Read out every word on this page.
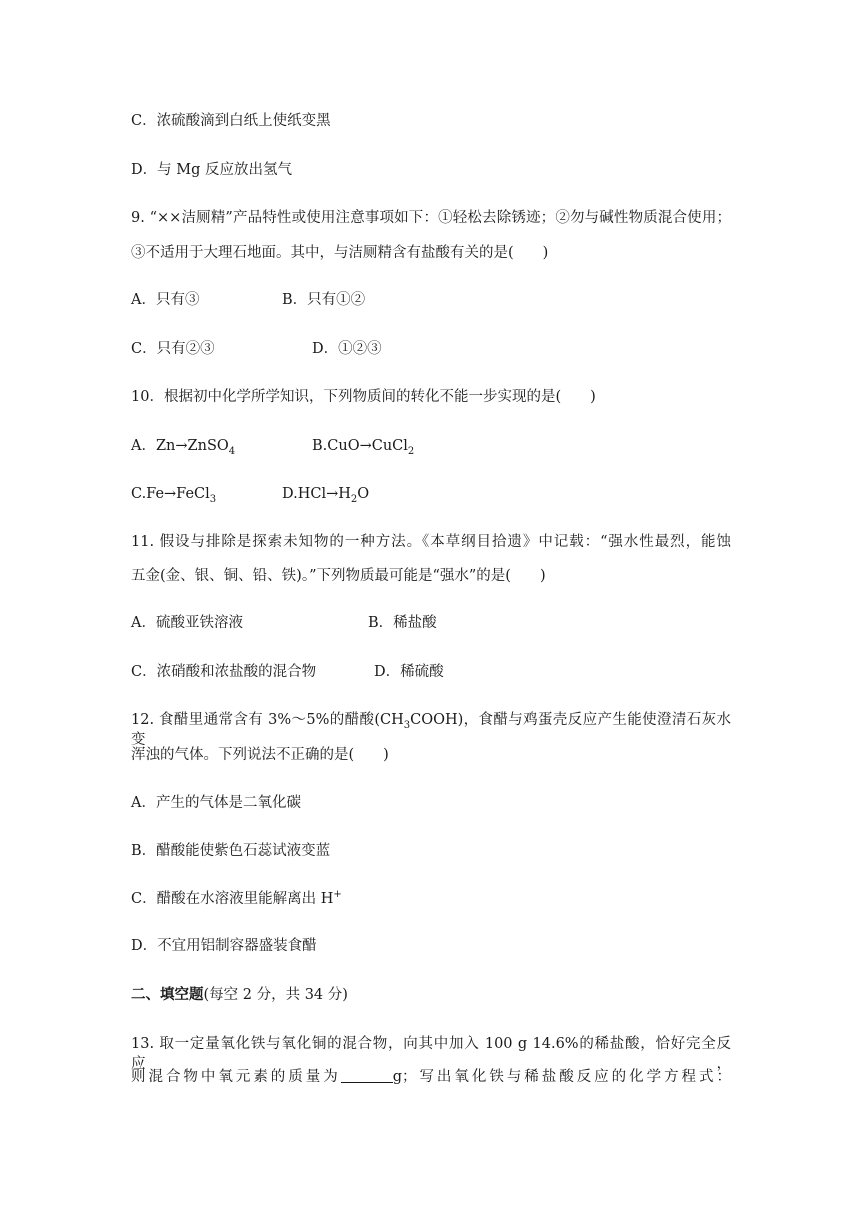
C．浓硫酸滴到白纸上使纸变黑
D．与 Mg 反应放出氢气
9. “××洁厕精”产品特性或使用注意事项如下：①轻松去除锈迹；②勿与碱性物质混合使用；
③不适用于大理石地面。其中，与洁厕精含有盐酸有关的是(　　)
A．只有③	B．只有①②
C．只有②③	D．①②③
10．根据初中化学所学知识，下列物质间的转化不能一步实现的是(　　)
A．Zn→ZnSO$_4$	B.CuO→CuCl$_2$
C.Fe→FeCl$_3$	$D.HCl\to H_2O$
11. 假设与排除是探索未知物的一种方法。《本草纲目拾遗》中记载：“强水性最烈，能蚀
五金(金、银、铜、铅、铁)。”下列物质最可能是“强水”的是(　　)
A．硫酸亚铁溶液	B．稀盐酸
C．浓硝酸和浓盐酸的混合物	D．稀硫酸
12. 食醋里通常含有 3%～5%的醋酸$(CH_3COOH)$，食醋与鸡蛋壳反应产生能使澄清石灰水变
浑浊的气体。下列说法不正确的是(　　)
A．产生的气体是二氧化碳
B．醋酸能使紫色石蕊试液变蓝
C．醋酸在水溶液里能解离出 H+
D．不宜用铝制容器盛装食醋
二、填空题(每空 2 分，共 34 分)
13. 取一定量氧化铁与氧化铜的混合物，向其中加入 100 g 14.6%的稀盐酸，恰好完全反应，
则混合物中氧元素的质量为	g；写出氧化铁与稀盐酸反应的化学方程式：
